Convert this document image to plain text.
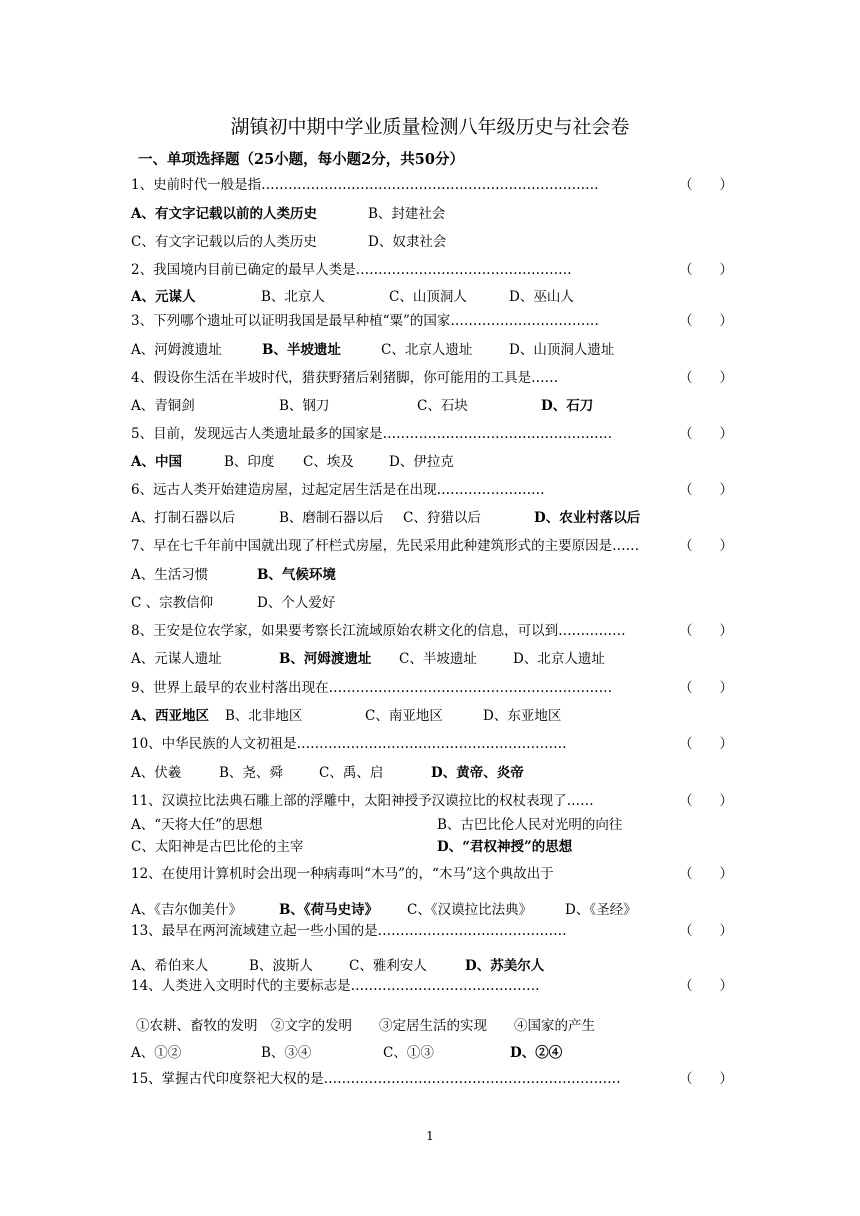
湖镇初中期中学业质量检测八年级历史与社会卷
一、单项选择题（25小题，每小题2分，共50分）
1、史前时代一般是指…………………………………………………………………	（　　）
A、有文字记载以前的人类历史	B、封建社会
C、有文字记载以后的人类历史	D、奴隶社会
2、我国境内目前已确定的最早人类是…………………………………………	（　　）
A、元谋人	B、北京人	C、山顶洞人	D、巫山人
3、下列哪个遗址可以证明我国是最早种植“粟”的国家……………………………	（　　）
A、河姆渡遗址	B、半坡遗址	C、北京人遗址	D、山顶洞人遗址
4、假设你生活在半坡时代，猎获野猪后剁猪脚，你可能用的工具是……	（　　）
A、青铜剑	B、钢刀	C、石块	D、石刀
5、目前，发现远古人类遗址最多的国家是……………………………………………	（　　）
A、中国	B、印度 C、埃及	D、伊拉克
6、远古人类开始建造房屋，过起定居生活是在出现……………………	（　　）
A、打制石器以后	B、磨制石器以后 C、狩猎以后	D、农业村落以后
7、早在七千年前中国就出现了杆栏式房屋，先民采用此种建筑形式的主要原因是……	（　　）
A、生活习惯	B、气候环境
C 、宗教信仰	D、个人爱好
8、王安是位农学家，如果要考察长江流域原始农耕文化的信息，可以到……………	（　　）
A、元谋人遗址	B、河姆渡遗址 C、半坡遗址	D、北京人遗址
9、世界上最早的农业村落出现在………………………………………………………	（　　）
A、西亚地区 B、北非地区	C、南亚地区	D、东亚地区
10、中华民族的人文初祖是……………………………………………………	（　　）
A、伏羲	B、尧、舜	C、禹、启	D、黄帝、炎帝
11、汉谟拉比法典石雕上部的浮雕中，太阳神授予汉谟拉比的权杖表现了……	（　　）
A、“天将大任”的思想	B、古巴比伦人民对光明的向往
C、太阳神是古巴比伦的主宰	D、“君权神授”的思想
12、在使用计算机时会出现一种病毒叫“木马”的，“木马”这个典故出于	（　　）
A、《吉尔伽美什》	B、《荷马史诗》 C、《汉谟拉比法典》 D、《圣经》
13、最早在两河流域建立起一些小国的是……………………………………	（　　）
A、希伯来人	B、波斯人	C、雅利安人	D、苏美尔人
14、人类进入文明时代的主要标志是……………………………………	（　　）
①农耕、畜牧的发明　②文字的发明　　③定居生活的实现　　④国家的产生
A、①②	B、③④	C、①③	D、②④
15、掌握古代印度祭祀大权的是…………………………………………………………	（　　）
1
